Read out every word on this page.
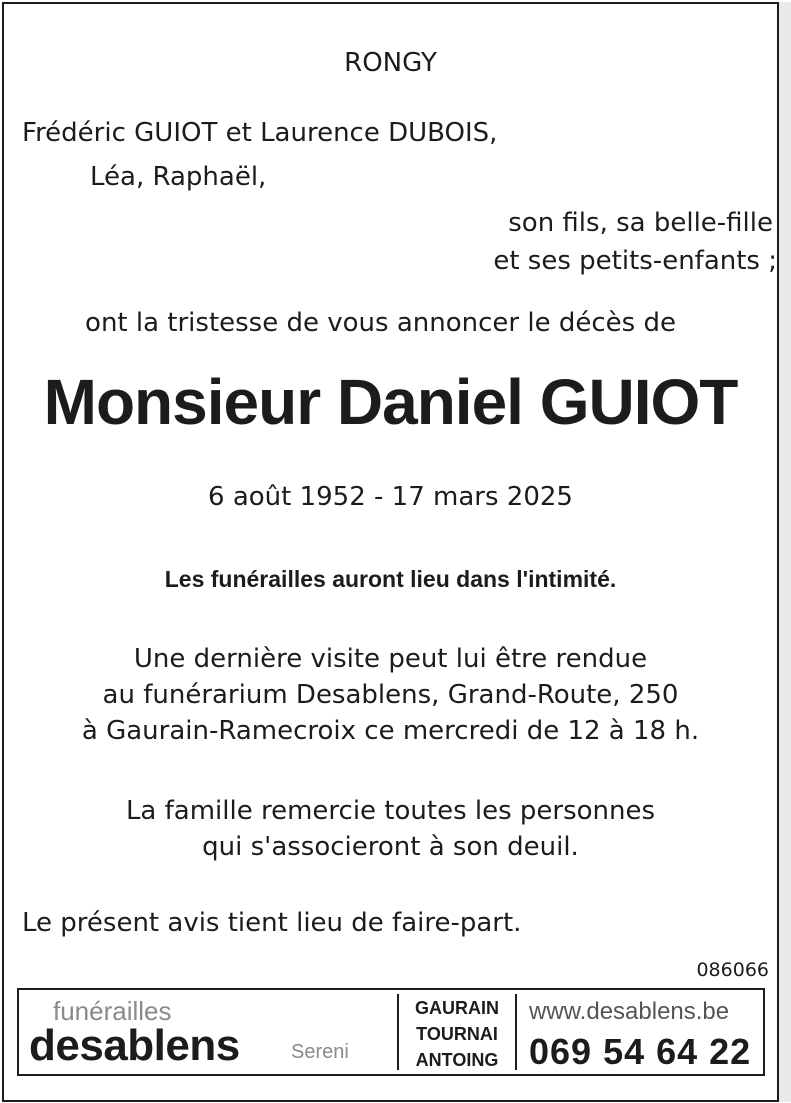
RONGY
Frédéric GUIOT et Laurence DUBOIS,
Léa, Raphaël,
son fils, sa belle-fille
et ses petits-enfants ;
ont la tristesse de vous annoncer le décès de
Monsieur Daniel GUIOT
6 août 1952 - 17 mars 2025
Les funérailles auront lieu dans l'intimité.
Une dernière visite peut lui être rendue
au funérarium Desablens, Grand-Route, 250
à Gaurain-Ramecroix ce mercredi de 12 à 18 h.
La famille remercie toutes les personnes
qui s'associeront à son deuil.
Le présent avis tient lieu de faire-part.
086066
funérailles
desablens	Sereni
GAURAIN
TOURNAI
ANTOING
www.desablens.be
069 54 64 22
